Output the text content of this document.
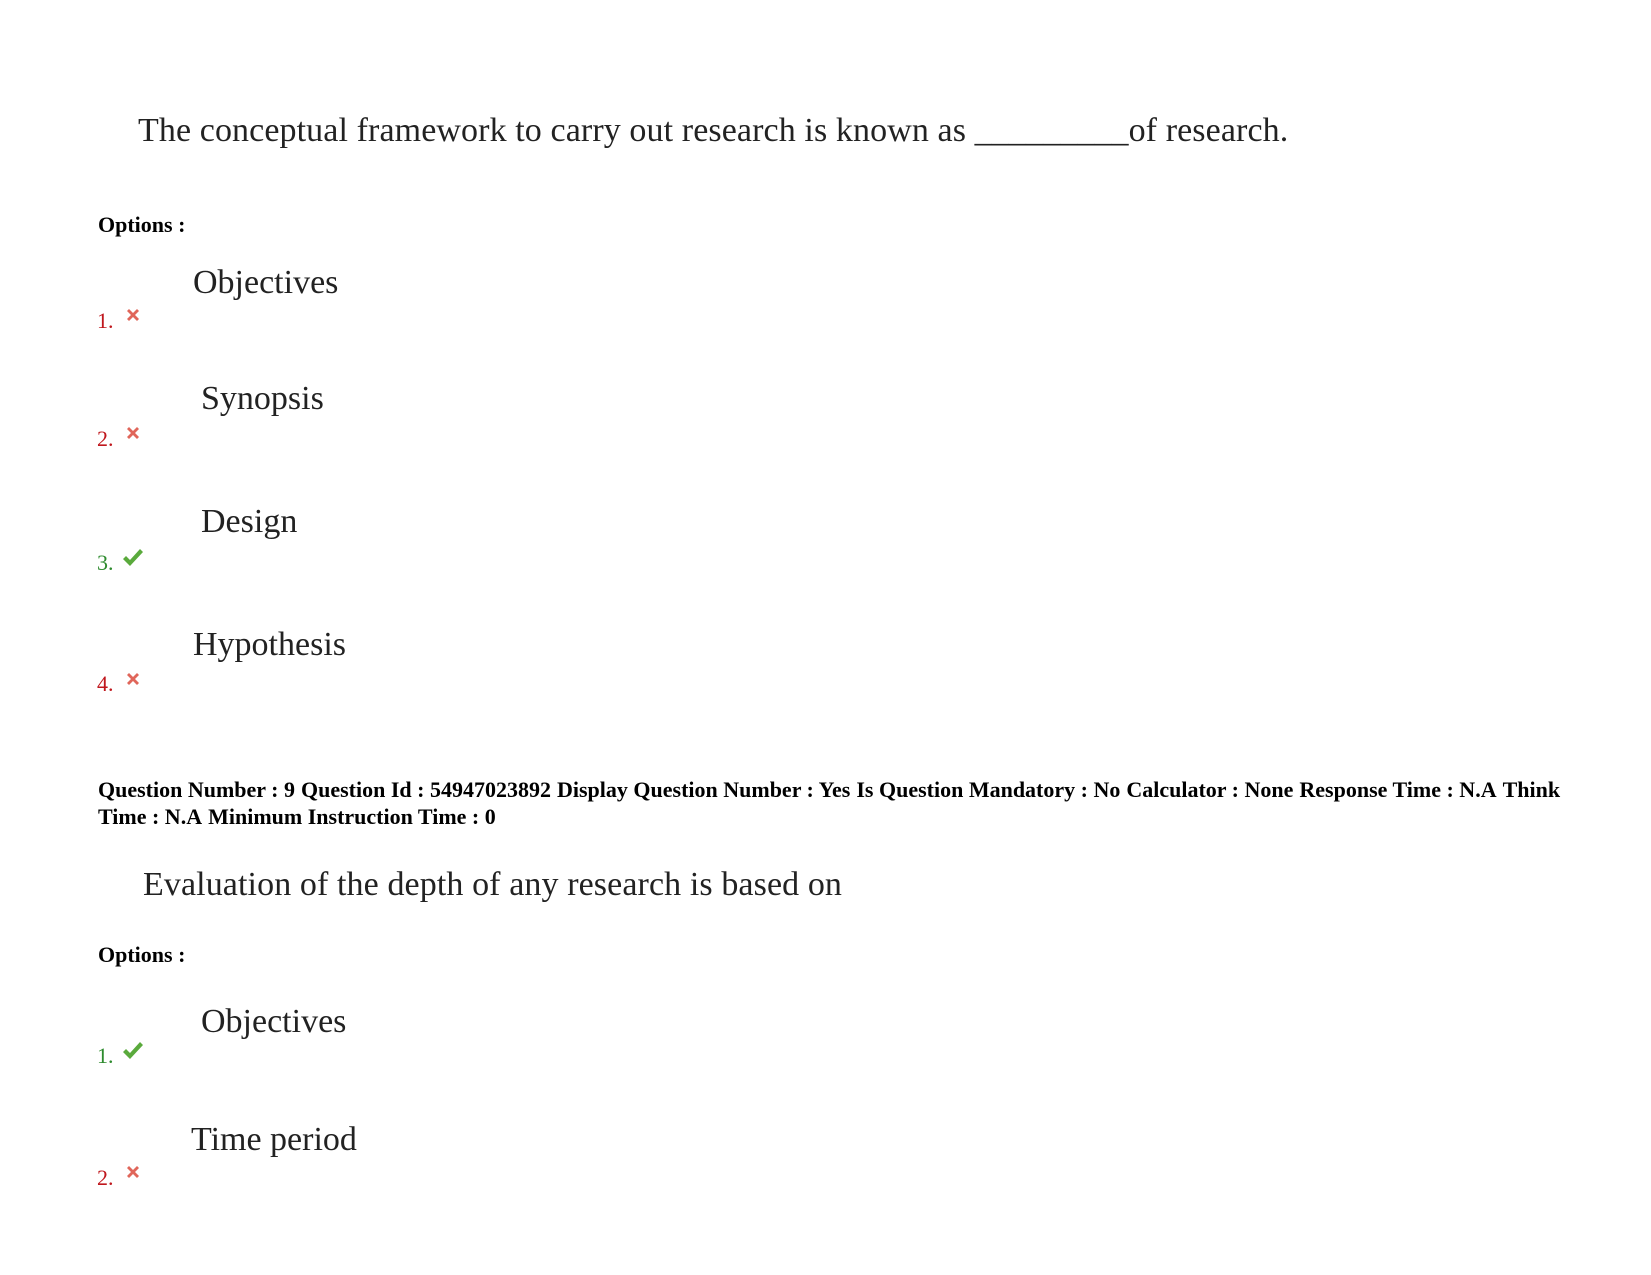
The conceptual framework to carry out research is known as _________of research.
Options :
Objectives
1.
Synopsis
2.
Design
3.
Hypothesis
4.
Question Number : 9 Question Id : 54947023892 Display Question Number : Yes Is Question Mandatory : No Calculator : None Response Time : N.A Think Time : N.A Minimum Instruction Time : 0
Evaluation of the depth of any research is based on
Options :
Objectives
1.
Time period
2.
